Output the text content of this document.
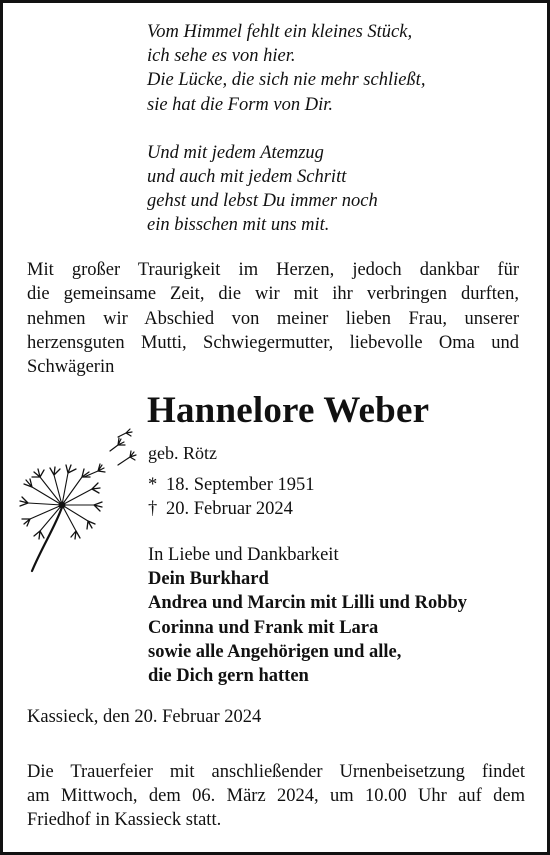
Vom Himmel fehlt ein kleines Stück,

ich sehe es von hier.

Die Lücke, die sich nie mehr schließt,

sie hat die Form von Dir.

Und mit jedem Atemzug

und auch mit jedem Schritt

gehst und lebst Du immer noch

ein bisschen mit uns mit.

Mit großer Traurigkeit im Herzen, jedoch dankbar für
die gemeinsame Zeit, die wir mit ihr verbringen durften,
nehmen wir Abschied von meiner lieben Frau, unserer
herzensguten Mutti, Schwiegermutter, liebevolle Oma und
Schwägerin
Hannelore Weber
geb. Rötz
* 18. September 1951
† 20. Februar 2024
In Liebe und Dankbarkeit
Dein Burkhard
Andrea und Marcin mit Lilli und Robby
Corinna und Frank mit Lara
sowie alle Angehörigen und alle,
die Dich gern hatten
Kassieck, den 20. Februar 2024
Die Trauerfeier mit anschließender Urnenbeisetzung findet
am Mittwoch, dem 06. März 2024, um 10.00 Uhr auf dem
Friedhof in Kassieck statt.
